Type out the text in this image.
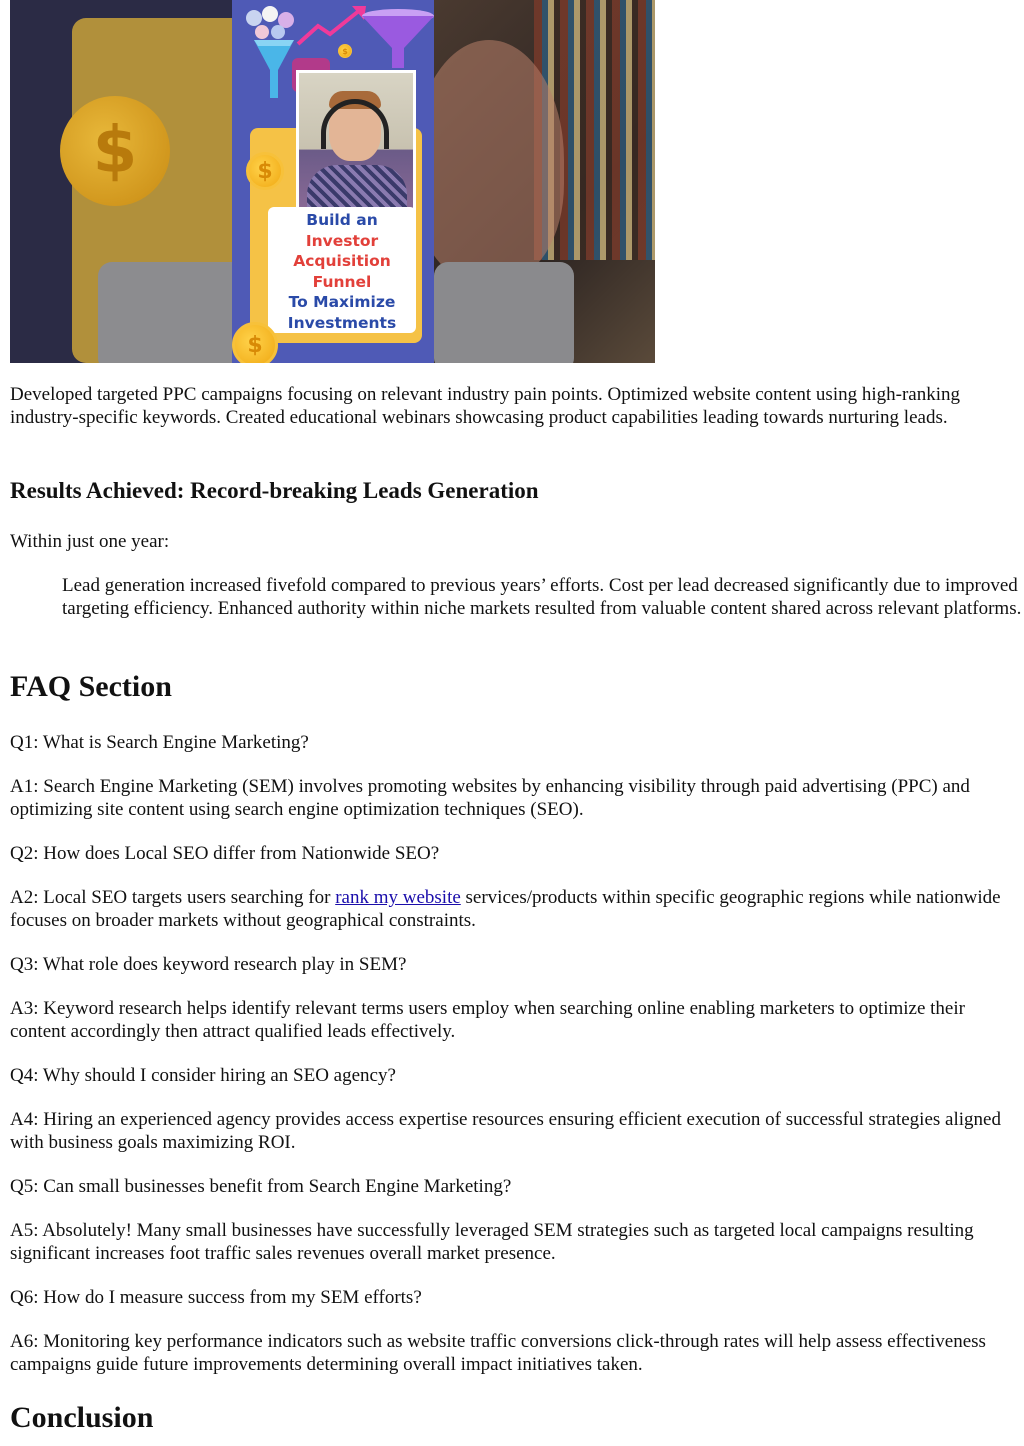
$
$
Build an
Investor
Acquisition
Funnel
To Maximize
Investments
$
$

Developed targeted PPC campaigns focusing on relevant industry pain points. Optimized website content using high-ranking industry-specific keywords. Created educational webinars showcasing product capabilities leading towards nurturing leads.

Results Achieved: Record-breaking Leads Generation

Within just one year:

Lead generation increased fivefold compared to previous years’ efforts. Cost per lead decreased significantly due to improved targeting efficiency. Enhanced authority within niche markets resulted from valuable content shared across relevant platforms.

FAQ Section

Q1: What is Search Engine Marketing?

A1: Search Engine Marketing (SEM) involves promoting websites by enhancing visibility through paid advertising (PPC) and optimizing site content using search engine optimization techniques (SEO).

Q2: How does Local SEO differ from Nationwide SEO?

A2: Local SEO targets users searching for rank my website services/products within specific geographic regions while nationwide focuses on broader markets without geographical constraints.

Q3: What role does keyword research play in SEM?

A3: Keyword research helps identify relevant terms users employ when searching online enabling marketers to optimize their content accordingly then attract qualified leads effectively.

Q4: Why should I consider hiring an SEO agency?

A4: Hiring an experienced agency provides access expertise resources ensuring efficient execution of successful strategies aligned with business goals maximizing ROI.

Q5: Can small businesses benefit from Search Engine Marketing?

A5: Absolutely! Many small businesses have successfully leveraged SEM strategies such as targeted local campaigns resulting significant increases foot traffic sales revenues overall market presence.

Q6: How do I measure success from my SEM efforts?

A6: Monitoring key performance indicators such as website traffic conversions click-through rates will help assess effectiveness campaigns guide future improvements determining overall impact initiatives taken.

Conclusion
